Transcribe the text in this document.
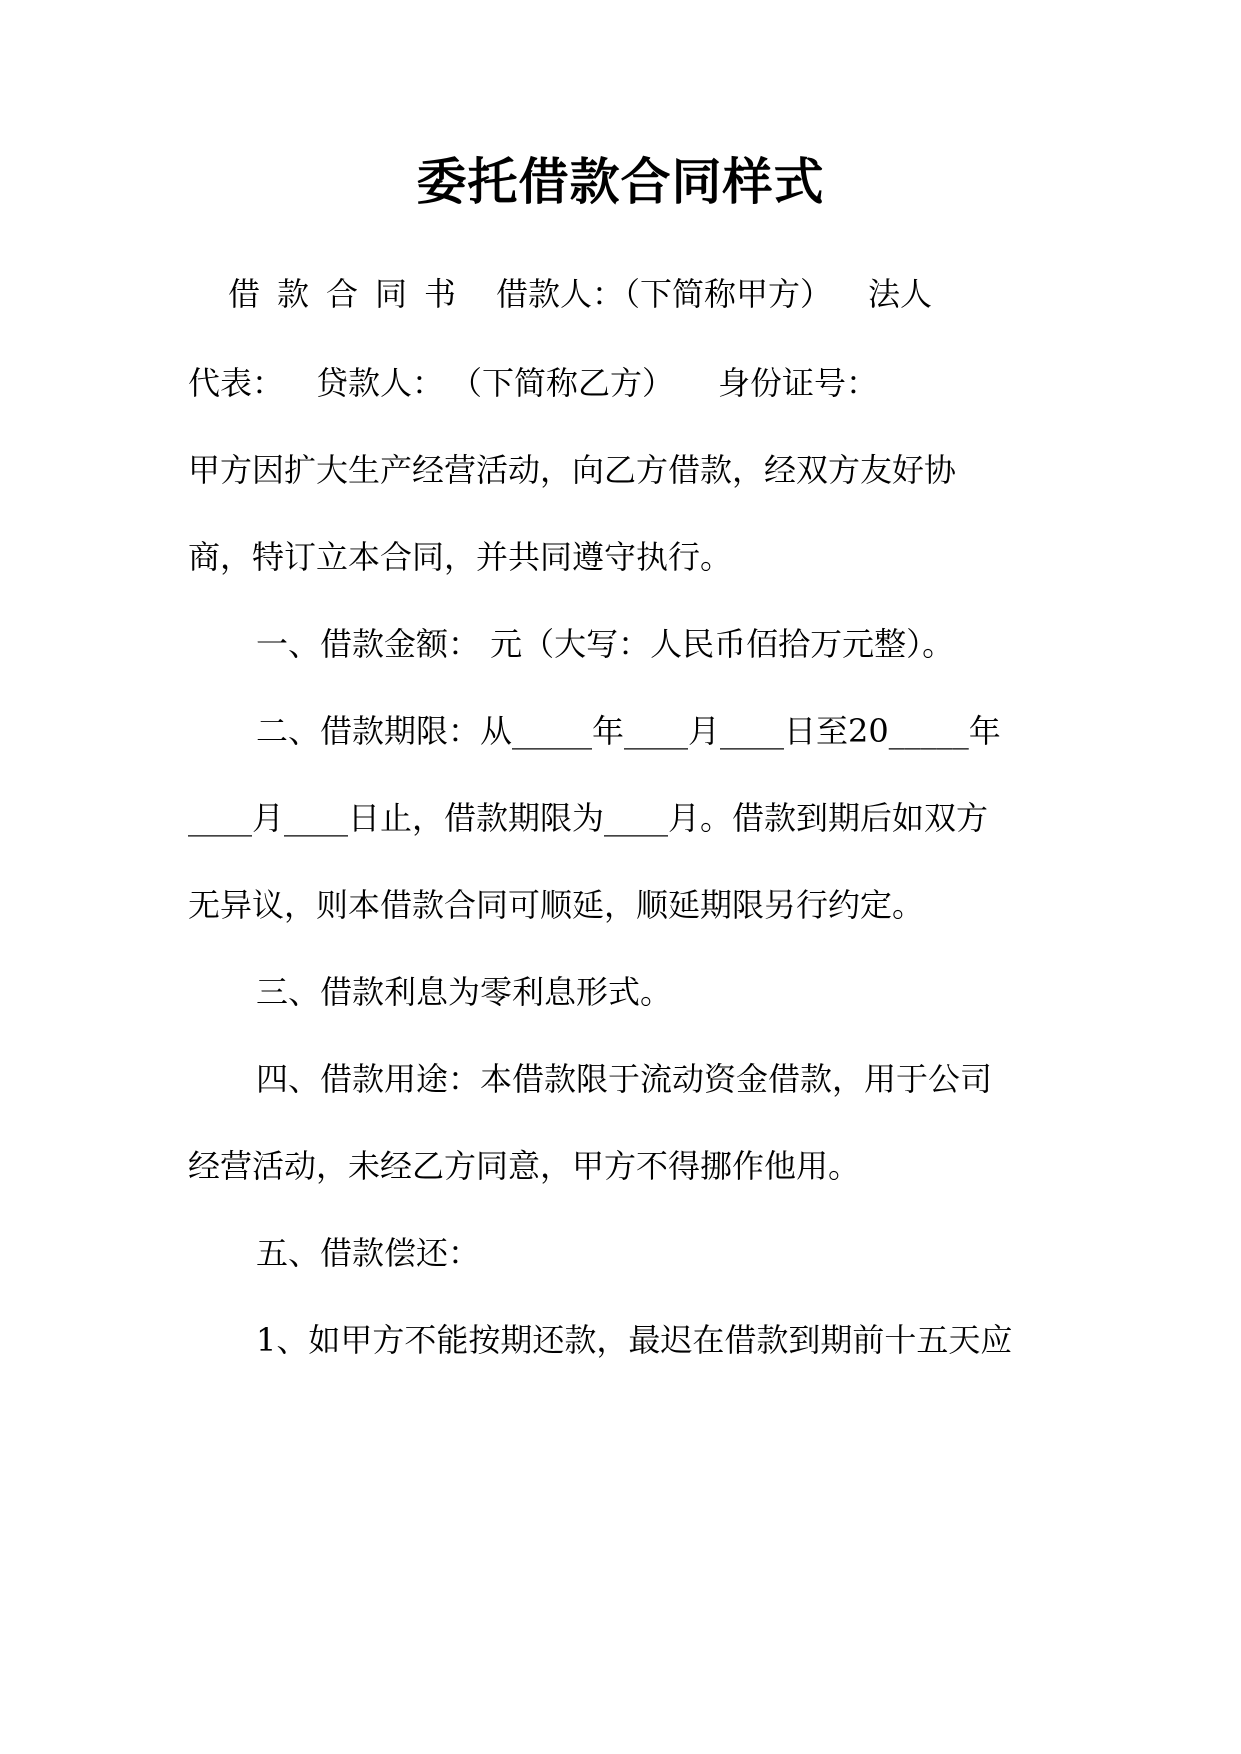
委托借款合同样式
借款合同书 借款人：（下简称甲方） 法人
代表： 贷款人： （下简称乙方） 身份证号：
甲方因扩大生产经营活动，向乙方借款，经双方友好协
商，特订立本合同，并共同遵守执行。
一、借款金额： 元（大写：人民币佰拾万元整）。
二、借款期限：从_____年____月____日至20_____年
____月____日止，借款期限为____月。借款到期后如双方
无异议，则本借款合同可顺延，顺延期限另行约定。
三、借款利息为零利息形式。
四、借款用途：本借款限于流动资金借款，用于公司
经营活动，未经乙方同意，甲方不得挪作他用。
五、借款偿还：
1、如甲方不能按期还款，最迟在借款到期前十五天应
